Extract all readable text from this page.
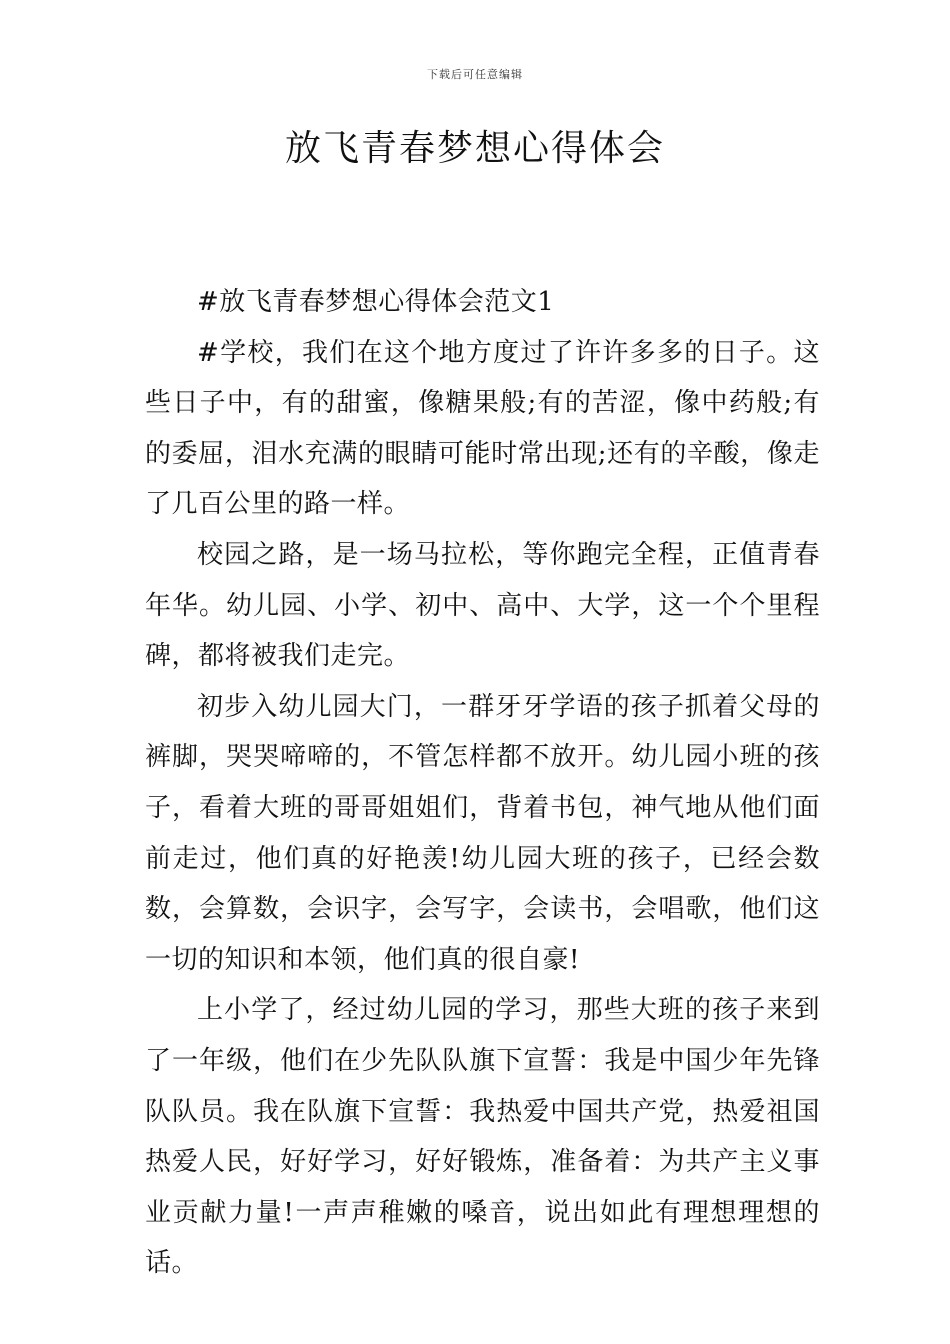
下载后可任意编辑
放飞青春梦想心得体会

#放飞青春梦想心得体会范文1

#学校，我们在这个地方度过了许许多多的日子。这些日子中，有的甜蜜，像糖果般;有的苦涩，像中药般;有的委屈，泪水充满的眼睛可能时常出现;还有的辛酸，像走了几百公里的路一样。

校园之路，是一场马拉松，等你跑完全程，正值青春年华。幼儿园、小学、初中、高中、大学，这一个个里程碑，都将被我们走完。

初步入幼儿园大门，一群牙牙学语的孩子抓着父母的裤脚，哭哭啼啼的，不管怎样都不放开。幼儿园小班的孩子，看着大班的哥哥姐姐们，背着书包，神气地从他们面前走过，他们真的好艳羡!幼儿园大班的孩子，已经会数数，会算数，会识字，会写字，会读书，会唱歌，他们这一切的知识和本领，他们真的很自豪!

上小学了，经过幼儿园的学习，那些大班的孩子来到了一年级，他们在少先队队旗下宣誓：我是中国少年先锋队队员。我在队旗下宣誓：我热爱中国共产党，热爱祖国热爱人民，好好学习，好好锻炼，准备着：为共产主义事业贡献力量!一声声稚嫩的嗓音，说出如此有理想理想的话。
